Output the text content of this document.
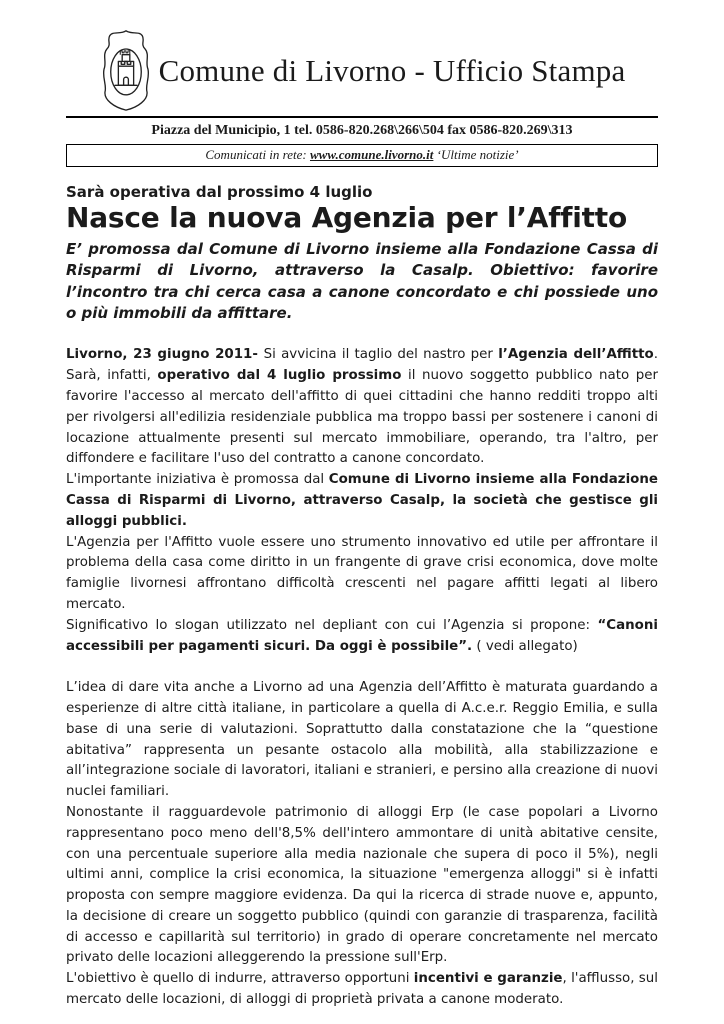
Comune di Livorno - Ufficio Stampa

Piazza del Municipio, 1 tel. 0586-820.268\266\504 fax 0586-820.269\313

Comunicati in rete: www.comune.livorno.it ‘Ultime notizie’

Sarà operativa dal prossimo 4 luglio

Nasce la nuova Agenzia per l’Affitto

E’ promossa dal Comune di Livorno insieme alla Fondazione Cassa di Risparmi di Livorno, attraverso la Casalp. Obiettivo: favorire l’incontro tra chi cerca casa a canone concordato e chi possiede uno o più immobili da affittare.

Livorno, 23 giugno 2011- Si avvicina il taglio del nastro per l’Agenzia dell’Affitto. Sarà, infatti, operativo dal 4 luglio prossimo il nuovo soggetto pubblico nato per favorire l'accesso al mercato dell'affitto di quei cittadini che hanno redditi troppo alti per rivolgersi all'edilizia residenziale pubblica ma troppo bassi per sostenere i canoni di locazione attualmente presenti sul mercato immobiliare, operando, tra l'altro, per diffondere e facilitare l'uso del contratto a canone concordato.

L'importante iniziativa è promossa dal Comune di Livorno insieme alla Fondazione Cassa di Risparmi di Livorno, attraverso Casalp, la società che gestisce gli alloggi pubblici.

L'Agenzia per l'Affitto vuole essere uno strumento innovativo ed utile per affrontare il problema della casa come diritto in un frangente di grave crisi economica, dove molte famiglie livornesi affrontano difficoltà crescenti nel pagare affitti legati al libero mercato.

Significativo lo slogan utilizzato nel depliant con cui l’Agenzia si propone: “Canoni accessibili per pagamenti sicuri. Da oggi è possibile”. ( vedi allegato)

L’idea di dare vita anche a Livorno ad una Agenzia dell’Affitto è maturata guardando a esperienze di altre città italiane, in particolare a quella di A.c.e.r. Reggio Emilia, e sulla base di una serie di valutazioni. Soprattutto dalla constatazione che la “questione abitativa” rappresenta un pesante ostacolo alla mobilità, alla stabilizzazione e all’integrazione sociale di lavoratori, italiani e stranieri, e persino alla creazione di nuovi nuclei familiari.

Nonostante il ragguardevole patrimonio di alloggi Erp (le case popolari a Livorno rappresentano poco meno dell'8,5% dell'intero ammontare di unità abitative censite, con una percentuale superiore alla media nazionale che supera di poco il 5%), negli ultimi anni, complice la crisi economica, la situazione "emergenza alloggi" si è infatti proposta con sempre maggiore evidenza. Da qui la ricerca di strade nuove e, appunto, la decisione di creare un soggetto pubblico (quindi con garanzie di trasparenza, facilità di accesso e capillarità sul territorio) in grado di operare concretamente nel mercato privato delle locazioni alleggerendo la pressione sull'Erp.

L'obiettivo è quello di indurre, attraverso opportuni incentivi e garanzie, l'afflusso, sul mercato delle locazioni, di alloggi di proprietà privata a canone moderato.
